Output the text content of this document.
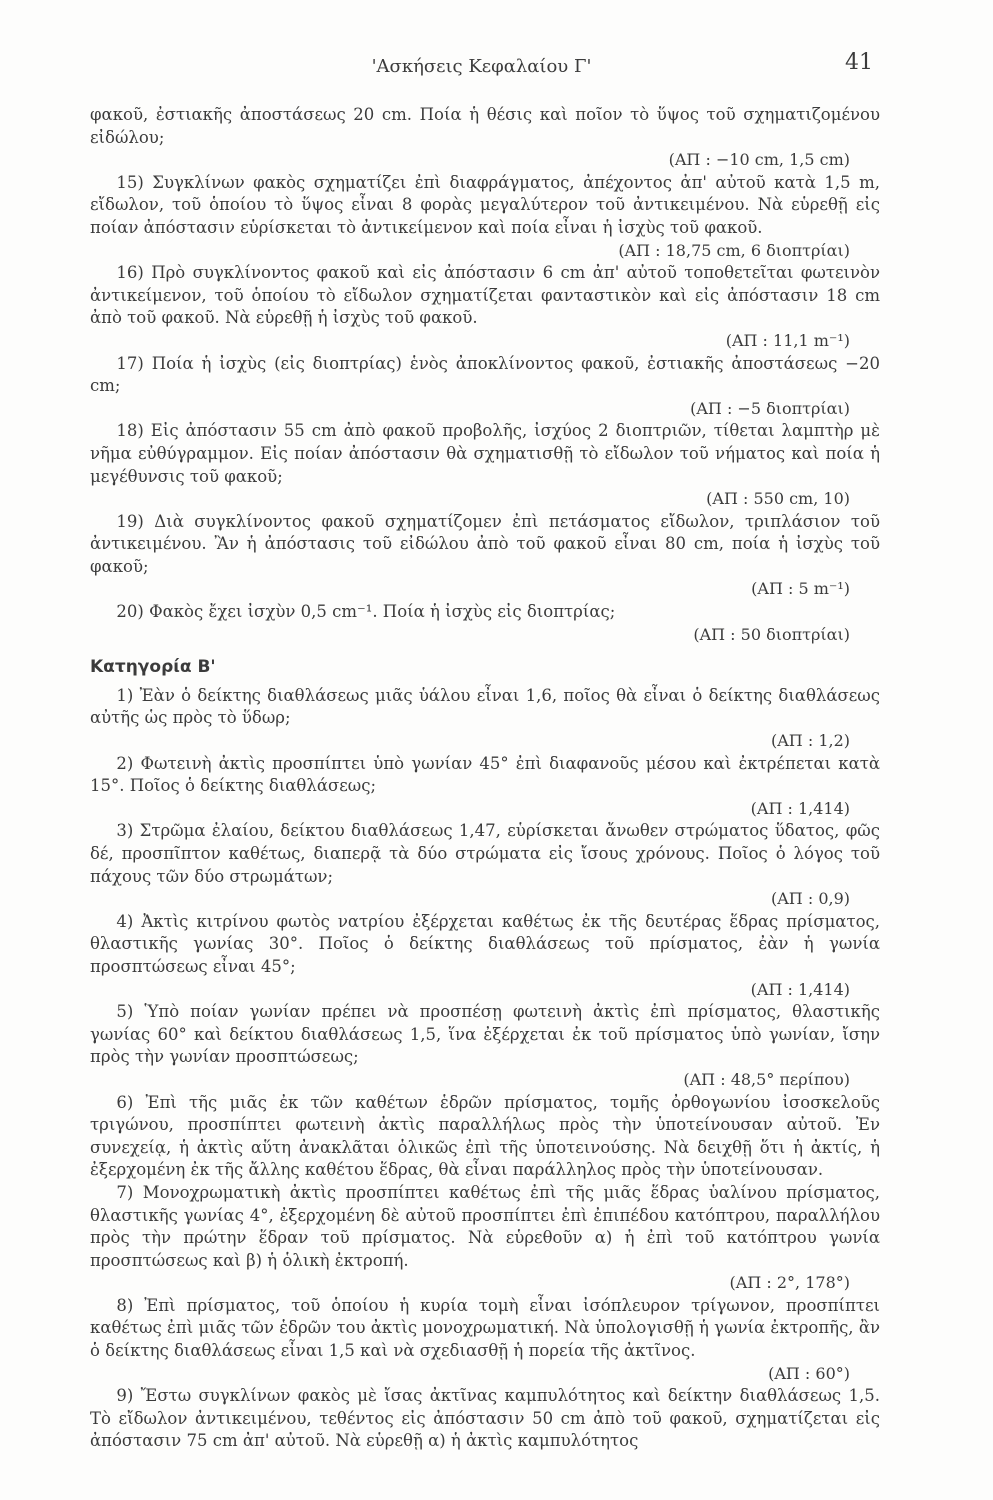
'Ασκήσεις Κεφαλαίου Γ'	41

φακοῦ, ἐστιακῆς ἀποστάσεως 20 cm. Ποία ἡ θέσις καὶ ποῖον τὸ ὕψος τοῦ σχηματιζομένου εἰδώλου;

(ΑΠ : −10 cm, 1,5 cm)

15) Συγκλίνων φακὸς σχηματίζει ἐπὶ διαφράγματος, ἀπέχοντος ἀπ' αὐτοῦ κατὰ 1,5 m, εἴδωλον, τοῦ ὁποίου τὸ ὕψος εἶναι 8 φορὰς μεγαλύτερον τοῦ ἀντικειμένου. Νὰ εὑρεθῇ εἰς ποίαν ἀπόστασιν εὑρίσκεται τὸ ἀντικείμενον καὶ ποία εἶναι ἡ ἰσχὺς τοῦ φακοῦ.

(ΑΠ : 18,75 cm, 6 διοπτρίαι)

16) Πρὸ συγκλίνοντος φακοῦ καὶ εἰς ἀπόστασιν 6 cm ἀπ' αὐτοῦ τοποθετεῖται φωτεινὸν ἀντικείμενον, τοῦ ὁποίου τὸ εἴδωλον σχηματίζεται φανταστικὸν καὶ εἰς ἀπόστασιν 18 cm ἀπὸ τοῦ φακοῦ. Νὰ εὑρεθῇ ἡ ἰσχὺς τοῦ φακοῦ.

(ΑΠ : 11,1 m⁻¹)

17) Ποία ἡ ἰσχὺς (εἰς διοπτρίας) ἑνὸς ἀποκλίνοντος φακοῦ, ἐστιακῆς ἀποστάσεως −20 cm;

(ΑΠ : −5 διοπτρίαι)

18) Εἰς ἀπόστασιν 55 cm ἀπὸ φακοῦ προβολῆς, ἰσχύος 2 διοπτριῶν, τίθεται λαμπτὴρ μὲ νῆμα εὐθύγραμμον. Εἰς ποίαν ἀπόστασιν θὰ σχηματισθῇ τὸ εἴδωλον τοῦ νήματος καὶ ποία ἡ μεγέθυνσις τοῦ φακοῦ;

(ΑΠ : 550 cm, 10)

19) Διὰ συγκλίνοντος φακοῦ σχηματίζομεν ἐπὶ πετάσματος εἴδωλον, τριπλάσιον τοῦ ἀντικειμένου. Ἂν ἡ ἀπόστασις τοῦ εἰδώλου ἀπὸ τοῦ φακοῦ εἶναι 80 cm, ποία ἡ ἰσχὺς τοῦ φακοῦ;

(ΑΠ : 5 m⁻¹)

20) Φακὸς ἔχει ἰσχὺν 0,5 cm⁻¹. Ποία ἡ ἰσχὺς εἰς διοπτρίας;

(ΑΠ : 50 διοπτρίαι)
Κατηγορία Β'

1) Ἐὰν ὁ δείκτης διαθλάσεως μιᾶς ὑάλου εἶναι 1,6, ποῖος θὰ εἶναι ὁ δείκτης διαθλάσεως αὐτῆς ὡς πρὸς τὸ ὕδωρ;

(ΑΠ : 1,2)

2) Φωτεινὴ ἀκτὶς προσπίπτει ὑπὸ γωνίαν 45° ἐπὶ διαφανοῦς μέσου καὶ ἐκτρέπεται κατὰ 15°. Ποῖος ὁ δείκτης διαθλάσεως;

(ΑΠ : 1,414)

3) Στρῶμα ἐλαίου, δείκτου διαθλάσεως 1,47, εὑρίσκεται ἄνωθεν στρώματος ὕδατος, φῶς δέ, προσπῖπτον καθέτως, διαπερᾷ τὰ δύο στρώματα εἰς ἴσους χρόνους. Ποῖος ὁ λόγος τοῦ πάχους τῶν δύο στρωμάτων;

(ΑΠ : 0,9)

4) Ἀκτὶς κιτρίνου φωτὸς νατρίου ἐξέρχεται καθέτως ἐκ τῆς δευτέρας ἕδρας πρίσματος, θλαστικῆς γωνίας 30°. Ποῖος ὁ δείκτης διαθλάσεως τοῦ πρίσματος, ἐὰν ἡ γωνία προσπτώσεως εἶναι 45°;

(ΑΠ : 1,414)

5) Ὑπὸ ποίαν γωνίαν πρέπει νὰ προσπέσῃ φωτεινὴ ἀκτὶς ἐπὶ πρίσματος, θλαστικῆς γωνίας 60° καὶ δείκτου διαθλάσεως 1,5, ἵνα ἐξέρχεται ἐκ τοῦ πρίσματος ὑπὸ γωνίαν, ἴσην πρὸς τὴν γωνίαν προσπτώσεως;

(ΑΠ : 48,5° περίπου)

6) Ἐπὶ τῆς μιᾶς ἐκ τῶν καθέτων ἑδρῶν πρίσματος, τομῆς ὀρθογωνίου ἰσοσκελοῦς τριγώνου, προσπίπτει φωτεινὴ ἀκτὶς παραλλήλως πρὸς τὴν ὑποτείνουσαν αὐτοῦ. Ἐν συνεχείᾳ, ἡ ἀκτὶς αὕτη ἀνακλᾶται ὁλικῶς ἐπὶ τῆς ὑποτεινούσης. Νὰ δειχθῇ ὅτι ἡ ἀκτίς, ἡ ἐξερχομένη ἐκ τῆς ἄλλης καθέτου ἕδρας, θὰ εἶναι παράλληλος πρὸς τὴν ὑποτείνουσαν.

7) Μονοχρωματικὴ ἀκτὶς προσπίπτει καθέτως ἐπὶ τῆς μιᾶς ἕδρας ὑαλίνου πρίσματος, θλαστικῆς γωνίας 4°, ἐξερχομένη δὲ αὐτοῦ προσπίπτει ἐπὶ ἐπιπέδου κατόπτρου, παραλλήλου πρὸς τὴν πρώτην ἕδραν τοῦ πρίσματος. Νὰ εὑρεθοῦν α) ἡ ἐπὶ τοῦ κατόπτρου γωνία προσπτώσεως καὶ β) ἡ ὁλικὴ ἐκτροπή.

(ΑΠ : 2°, 178°)

8) Ἐπὶ πρίσματος, τοῦ ὁποίου ἡ κυρία τομὴ εἶναι ἰσόπλευρον τρίγωνον, προσπίπτει καθέτως ἐπὶ μιᾶς τῶν ἑδρῶν του ἀκτὶς μονοχρωματική. Νὰ ὑπολογισθῇ ἡ γωνία ἐκτροπῆς, ἂν ὁ δείκτης διαθλάσεως εἶναι 1,5 καὶ νὰ σχεδιασθῇ ἡ πορεία τῆς ἀκτῖνος.

(ΑΠ : 60°)

9) Ἔστω συγκλίνων φακὸς μὲ ἴσας ἀκτῖνας καμπυλότητος καὶ δείκτην διαθλάσεως 1,5. Τὸ εἴδωλον ἀντικειμένου, τεθέντος εἰς ἀπόστασιν 50 cm ἀπὸ τοῦ φακοῦ, σχηματίζεται εἰς ἀπόστασιν 75 cm ἀπ' αὐτοῦ. Νὰ εὑρεθῇ α) ἡ ἀκτὶς καμπυλότητος
